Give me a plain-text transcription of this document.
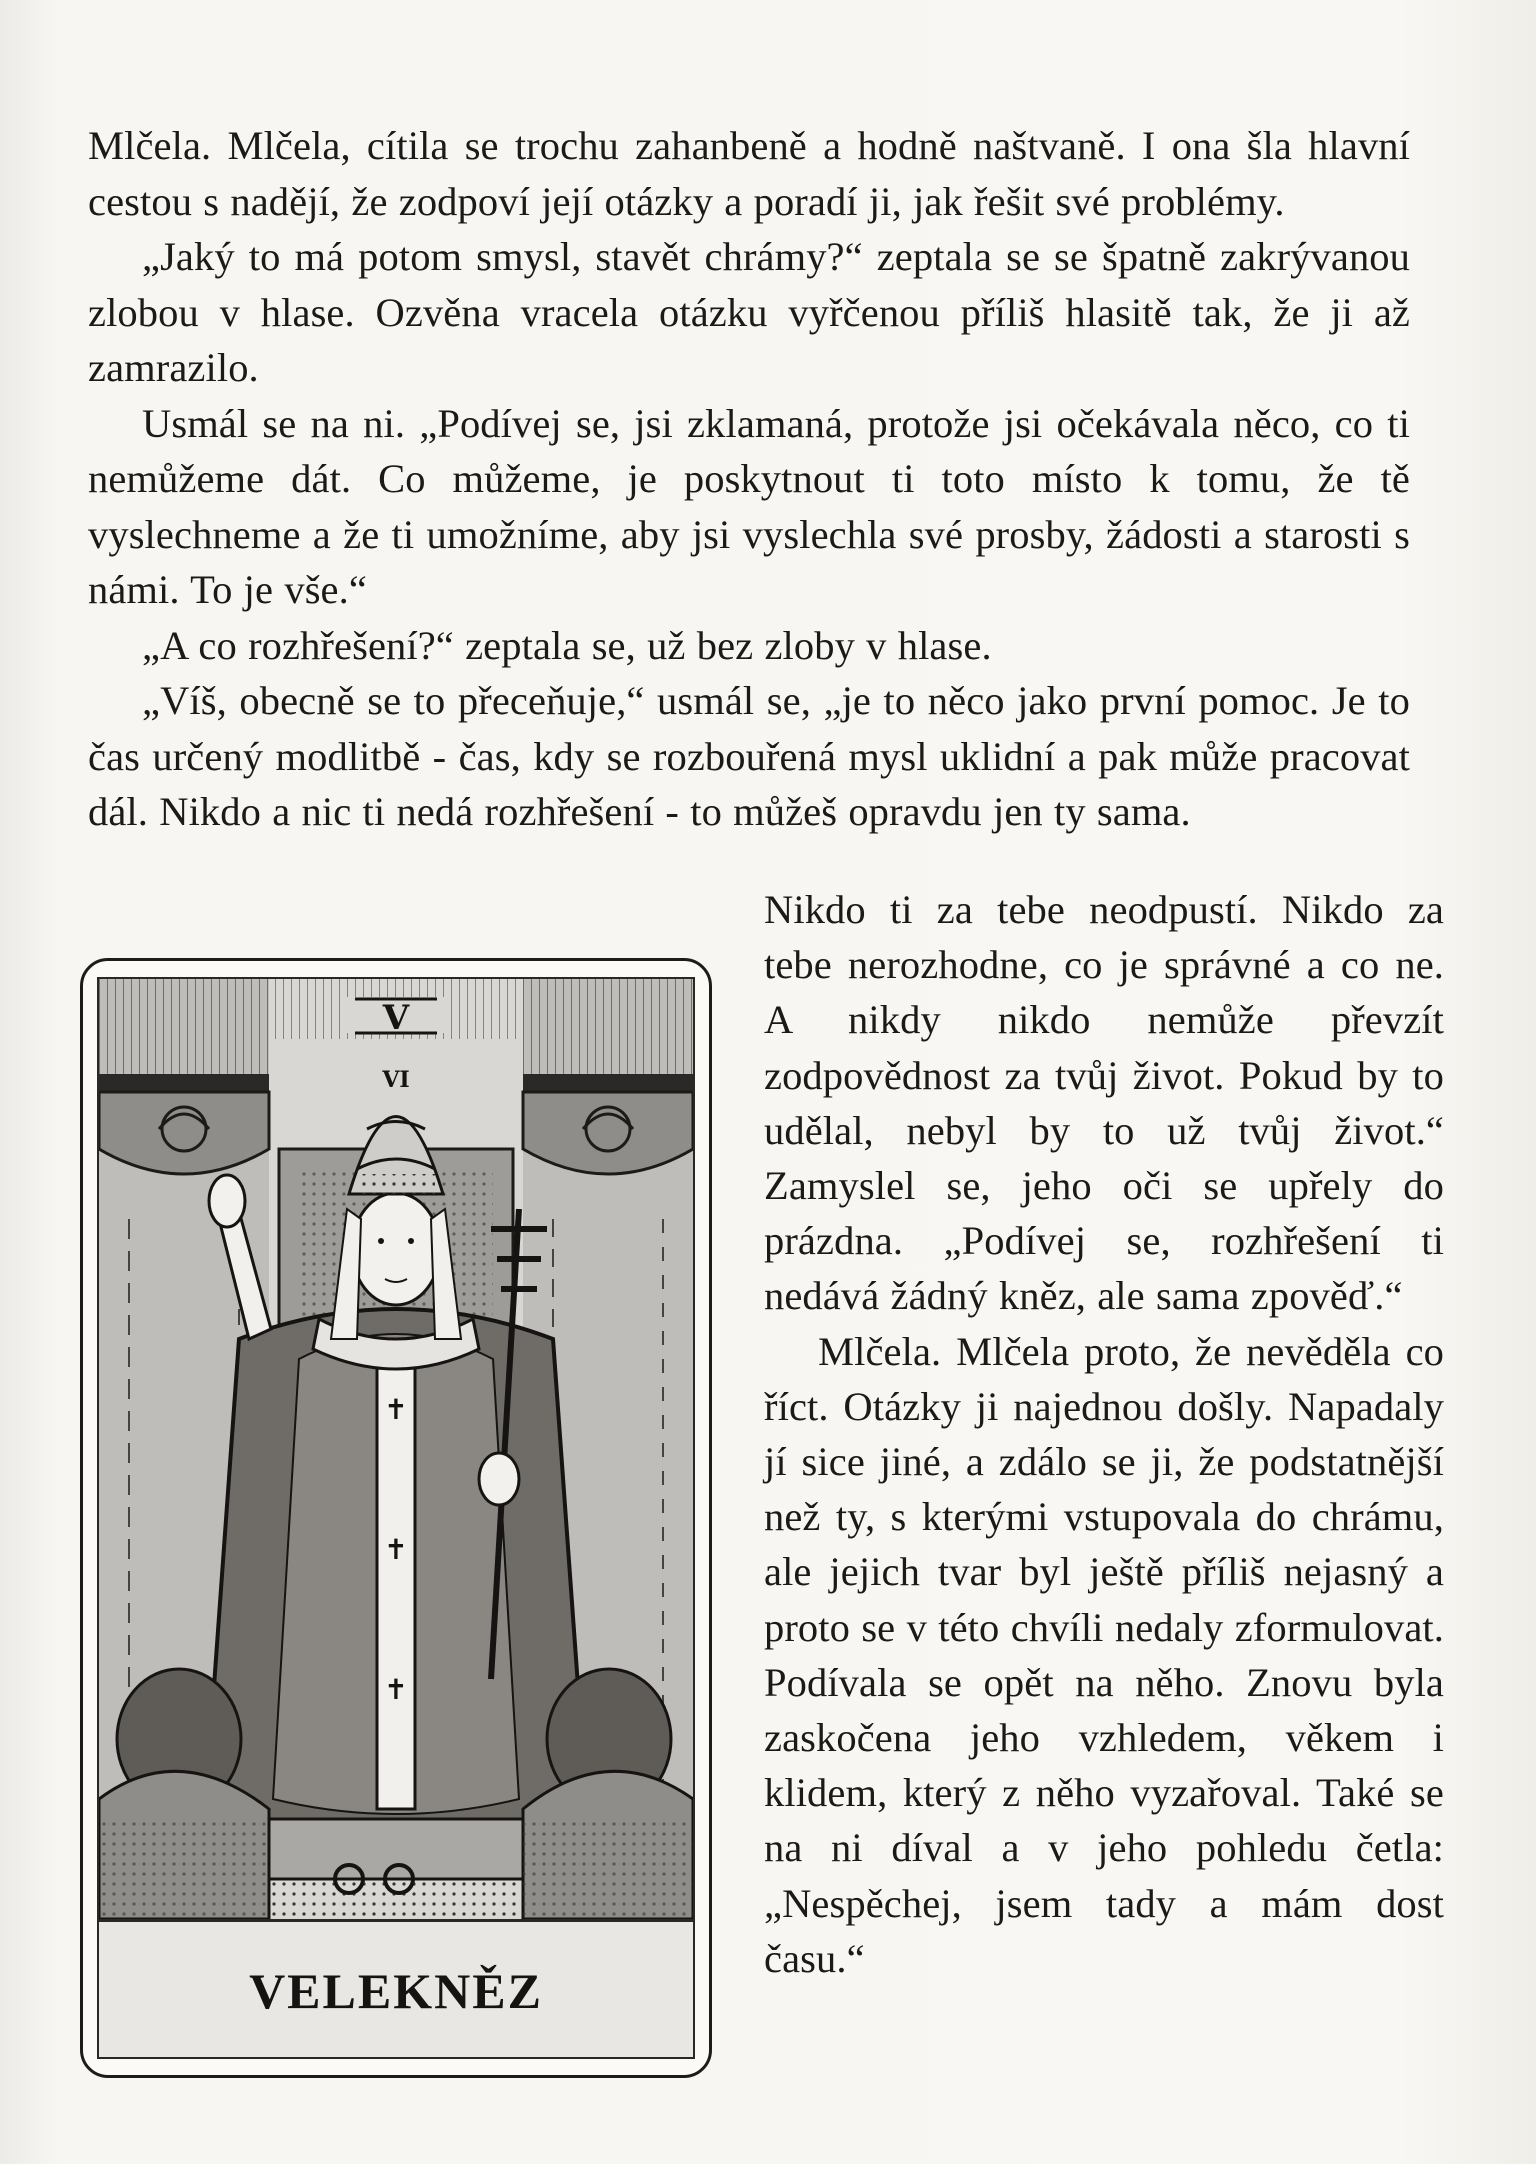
Mlčela. Mlčela, cítila se trochu zahanbeně a hodně naštvaně. I ona šla hlavní cestou s nadějí, že zodpoví její otázky a poradí ji, jak řešit své problémy.

„Jaký to má potom smysl, stavět chrámy?“ zeptala se se špatně zakrývanou zlobou v hlase. Ozvěna vracela otázku vyřčenou příliš hlasitě tak, že ji až zamrazilo.

Usmál se na ni. „Podívej se, jsi zklamaná, protože jsi očekávala něco, co ti nemůžeme dát. Co můžeme, je poskytnout ti toto místo k tomu, že tě vyslechneme a že ti umožníme, aby jsi vyslechla své prosby, žádosti a starosti s námi. To je vše.“

„A co rozhřešení?“ zeptala se, už bez zloby v hlase.

„Víš, obecně se to přeceňuje,“ usmál se, „je to něco jako první pomoc. Je to čas určený modlitbě - čas, kdy se rozbouřená mysl uklidní a pak může pracovat dál. Nikdo a nic ti nedá rozhřešení - to můžeš opravdu jen ty sama.

Nikdo ti za tebe neodpustí. Nikdo za tebe nerozhodne, co je správné a co ne. A nikdy nikdo nemůže převzít zodpovědnost za tvůj život. Pokud by to udělal, nebyl by to už tvůj život.“ Zamyslel se, jeho oči se upřely do prázdna. „Podívej se, rozhřešení ti nedává žádný kněz, ale sama zpověď.“

Mlčela. Mlčela proto, že nevěděla co říct. Otázky ji najednou došly. Napadaly jí sice jiné, a zdálo se ji, že podstatnější než ty, s kterými vstupovala do chrámu, ale jejich tvar byl ještě příliš nejasný a proto se v této chvíli nedaly zformulovat. Podívala se opět na něho. Znovu byla zaskočena jeho vzhledem, věkem i klidem, který z něho vyzařoval. Také se na ni díval a v jeho pohledu četla: „Nespěchej, jsem tady a mám dost času.“

✝
✝
✝
VI
V
VELEKNĚZ
